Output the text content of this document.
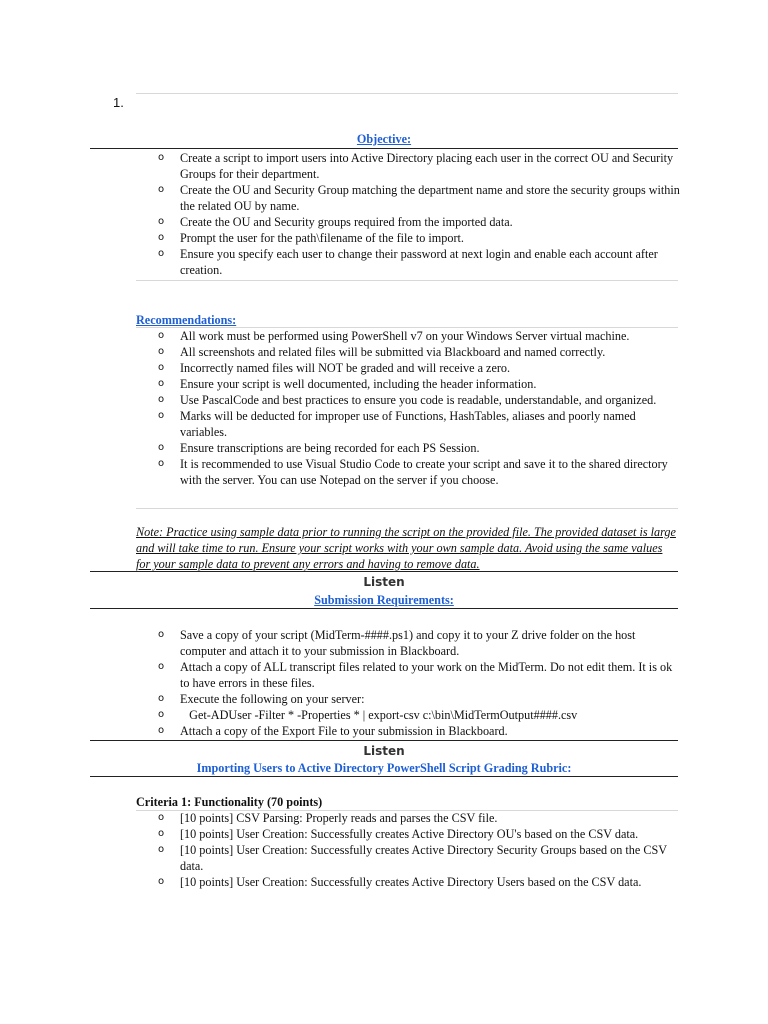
1.
Objective:
o Create a script to import users into Active Directory placing each user in the correct OU and Security Groups for their department.
o Create the OU and Security Group matching the department name and store the security groups within the related OU by name.
o Create the OU and Security groups required from the imported data.
o Prompt the user for the path\filename of the file to import.
o Ensure you specify each user to change their password at next login and enable each account after creation.
Recommendations:
o All work must be performed using PowerShell v7 on your Windows Server virtual machine.
o All screenshots and related files will be submitted via Blackboard and named correctly.
o Incorrectly named files will NOT be graded and will receive a zero.
o Ensure your script is well documented, including the header information.
o Use PascalCode and best practices to ensure you code is readable, understandable, and organized.
o Marks will be deducted for improper use of Functions, HashTables, aliases and poorly named variables.
o Ensure transcriptions are being recorded for each PS Session.
o It is recommended to use Visual Studio Code to create your script and save it to the shared directory with the server. You can use Notepad on the server if you choose.
Note: Practice using sample data prior to running the script on the provided file. The provided dataset is large and will take time to run. Ensure your script works with your own sample data. Avoid using the same values for your sample data to prevent any errors and having to remove data.
Listen
Submission Requirements:
o Save a copy of your script (MidTerm-####.ps1) and copy it to your Z drive folder on the host computer and attach it to your submission in Blackboard.
o Attach a copy of ALL transcript files related to your work on the MidTerm. Do not edit them. It is ok to have errors in these files.
o Execute the following on your server:
o Get-ADUser -Filter * -Properties * | export-csv c:\bin\MidTermOutput####.csv
o Attach a copy of the Export File to your submission in Blackboard.
Listen
Importing Users to Active Directory PowerShell Script Grading Rubric:
Criteria 1: Functionality (70 points)
o [10 points] CSV Parsing: Properly reads and parses the CSV file.
o [10 points] User Creation: Successfully creates Active Directory OU's based on the CSV data.
o [10 points] User Creation: Successfully creates Active Directory Security Groups based on the CSV data.
o [10 points] User Creation: Successfully creates Active Directory Users based on the CSV data.
